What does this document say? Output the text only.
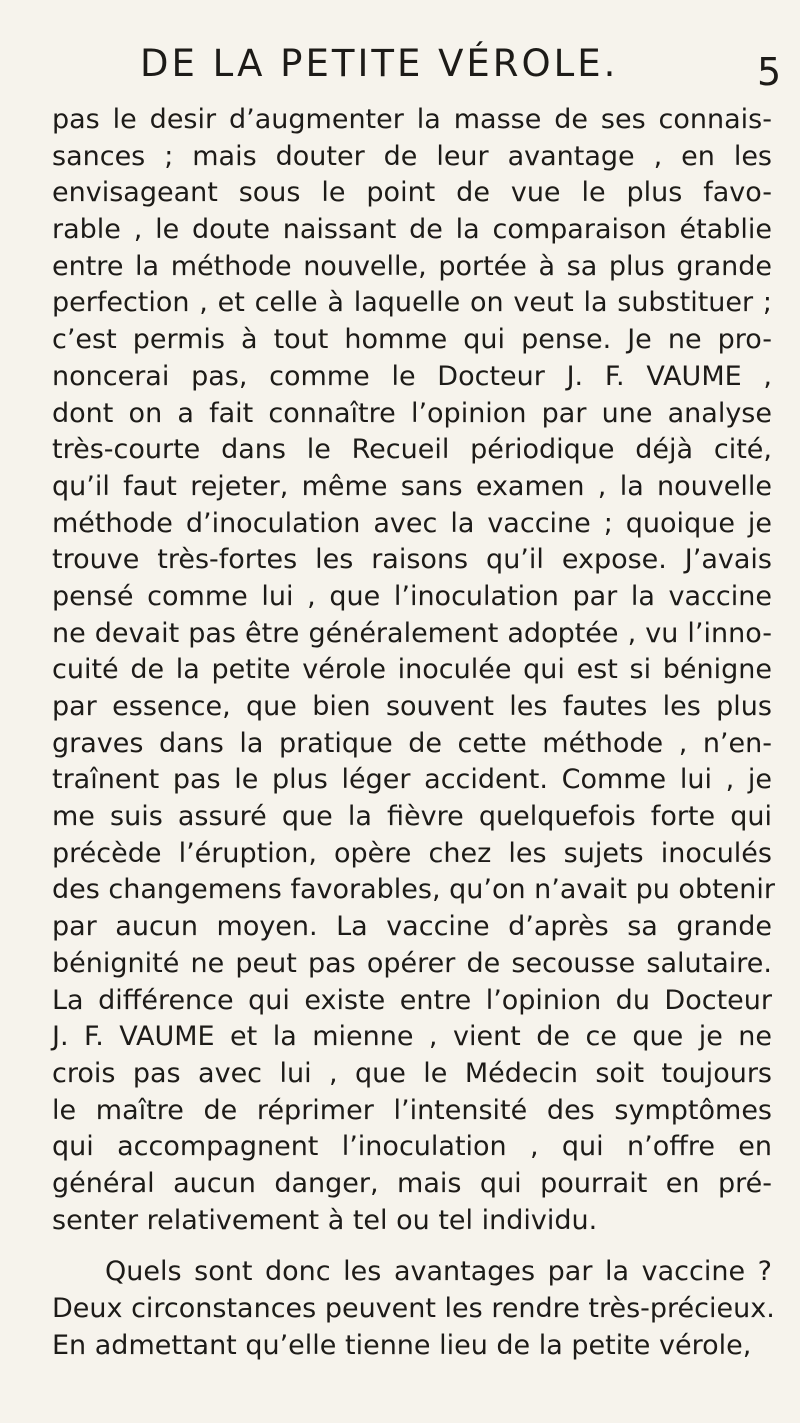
DE LA PETITE VÉROLE.	5
pas le desir d’augmenter la masse de ses connais-
sances ; mais douter de leur avantage , en les
envisageant sous le point de vue le plus favo-
rable , le doute naissant de la comparaison établie
entre la méthode nouvelle, portée à sa plus grande
perfection , et celle à laquelle on veut la substituer ;
c’est permis à tout homme qui pense. Je ne pro-
noncerai pas, comme le Docteur J. F. VAUME ,
dont on a fait connaître l’opinion par une analyse
très-courte dans le Recueil périodique déjà cité,
qu’il faut rejeter, même sans examen , la nouvelle
méthode d’inoculation avec la vaccine ; quoique je
trouve très-fortes les raisons qu’il expose. J’avais
pensé comme lui , que l’inoculation par la vaccine
ne devait pas être généralement adoptée , vu l’inno-
cuité de la petite vérole inoculée qui est si bénigne
par essence, que bien souvent les fautes les plus
graves dans la pratique de cette méthode , n’en-
traînent pas le plus léger accident. Comme lui , je
me suis assuré que la fièvre quelquefois forte qui
précède l’éruption, opère chez les sujets inoculés
des changemens favorables, qu’on n’avait pu obtenir
par aucun moyen. La vaccine d’après sa grande
bénignité ne peut pas opérer de secousse salutaire.
La différence qui existe entre l’opinion du Docteur
J. F. VAUME et la mienne , vient de ce que je ne
crois pas avec lui , que le Médecin soit toujours
le maître de réprimer l’intensité des symptômes
qui accompagnent l’inoculation , qui n’offre en
général aucun danger, mais qui pourrait en pré-
senter relativement à tel ou tel individu.
Quels sont donc les avantages par la vaccine ?
Deux circonstances peuvent les rendre très-précieux.
En admettant qu’elle tienne lieu de la petite vérole,
